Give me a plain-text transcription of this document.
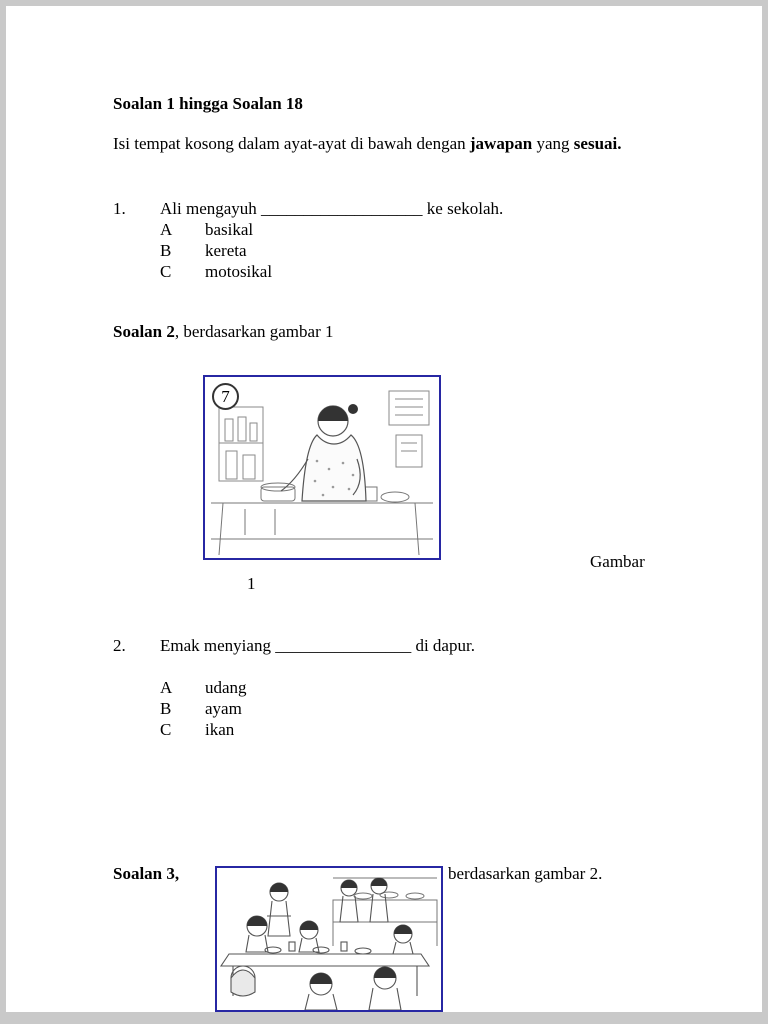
Soalan 1 hingga Soalan 18
Isi tempat kosong dalam ayat-ayat di bawah dengan jawapan yang sesuai.
1. Ali mengayuh ___________________ ke sekolah.
A basikal
B kereta
C motosikal
Soalan 2, berdasarkan gambar 1
7
Gambar
1
2. Emak menyiang ________________ di dapur.
A udang
B ayam
C ikan
Soalan 3,	berdasarkan gambar 2.
